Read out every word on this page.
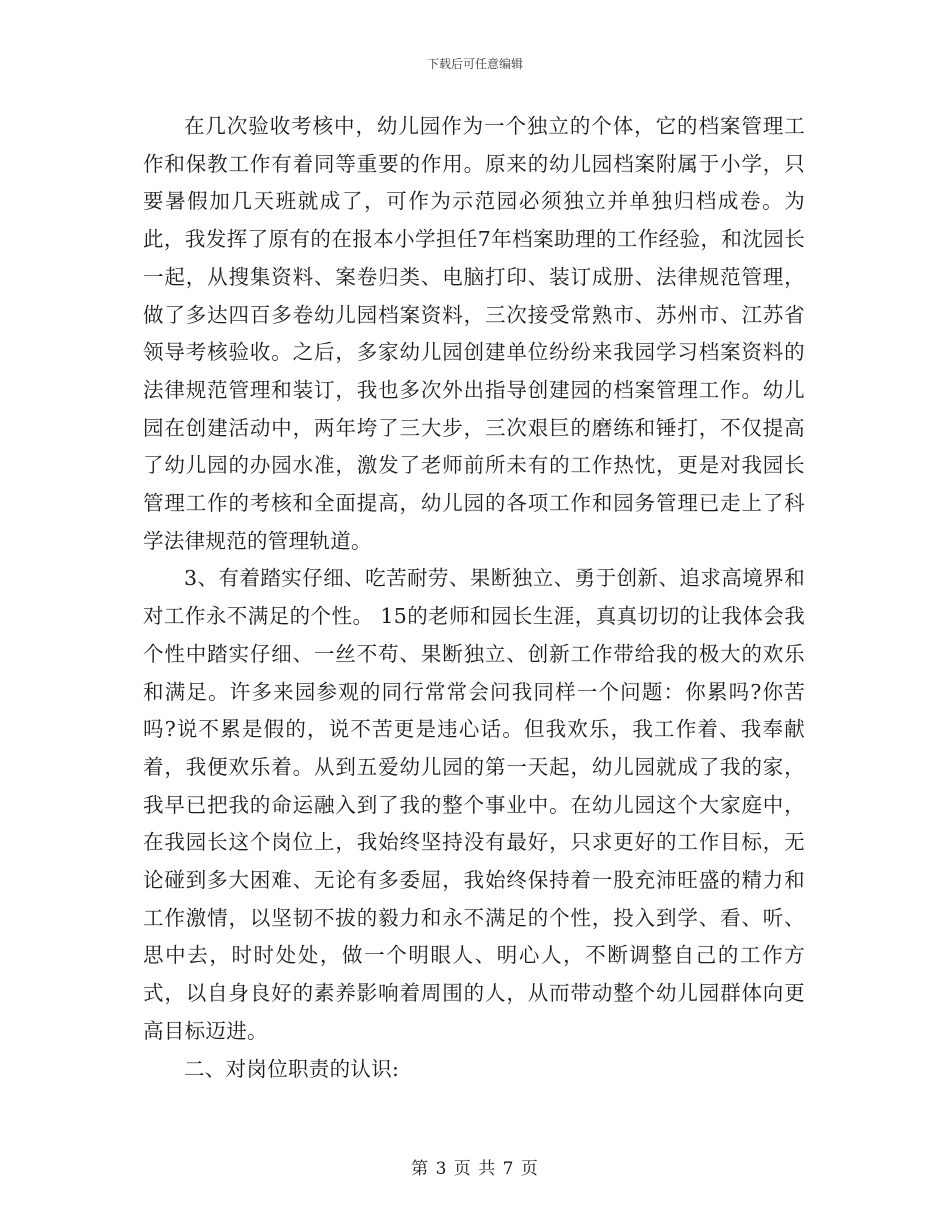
下载后可任意编辑

在几次验收考核中，幼儿园作为一个独立的个体，它的档案管理工作和保教工作有着同等重要的作用。原来的幼儿园档案附属于小学，只要暑假加几天班就成了，可作为示范园必须独立并单独归档成卷。为此，我发挥了原有的在报本小学担任7年档案助理的工作经验，和沈园长一起，从搜集资料、案卷归类、电脑打印、装订成册、法律规范管理，做了多达四百多卷幼儿园档案资料，三次接受常熟市、苏州市、江苏省领导考核验收。之后，多家幼儿园创建单位纷纷来我园学习档案资料的法律规范管理和装订，我也多次外出指导创建园的档案管理工作。幼儿园在创建活动中，两年垮了三大步，三次艰巨的磨练和锤打，不仅提高了幼儿园的办园水准，激发了老师前所未有的工作热忱，更是对我园长管理工作的考核和全面提高，幼儿园的各项工作和园务管理已走上了科学法律规范的管理轨道。

3、有着踏实仔细、吃苦耐劳、果断独立、勇于创新、追求高境界和对工作永不满足的个性。 15的老师和园长生涯，真真切切的让我体会我个性中踏实仔细、一丝不苟、果断独立、创新工作带给我的极大的欢乐和满足。许多来园参观的同行常常会问我同样一个问题：你累吗?你苦吗?说不累是假的，说不苦更是违心话。但我欢乐，我工作着、我奉献着，我便欢乐着。从到五爱幼儿园的第一天起，幼儿园就成了我的家，我早已把我的命运融入到了我的整个事业中。在幼儿园这个大家庭中，在我园长这个岗位上，我始终坚持没有最好，只求更好的工作目标，无论碰到多大困难、无论有多委屈，我始终保持着一股充沛旺盛的精力和工作激情，以坚韧不拔的毅力和永不满足的个性，投入到学、看、听、思中去，时时处处，做一个明眼人、明心人，不断调整自己的工作方式，以自身良好的素养影响着周围的人，从而带动整个幼儿园群体向更高目标迈进。

二、对岗位职责的认识:

第 3 页 共 7 页
